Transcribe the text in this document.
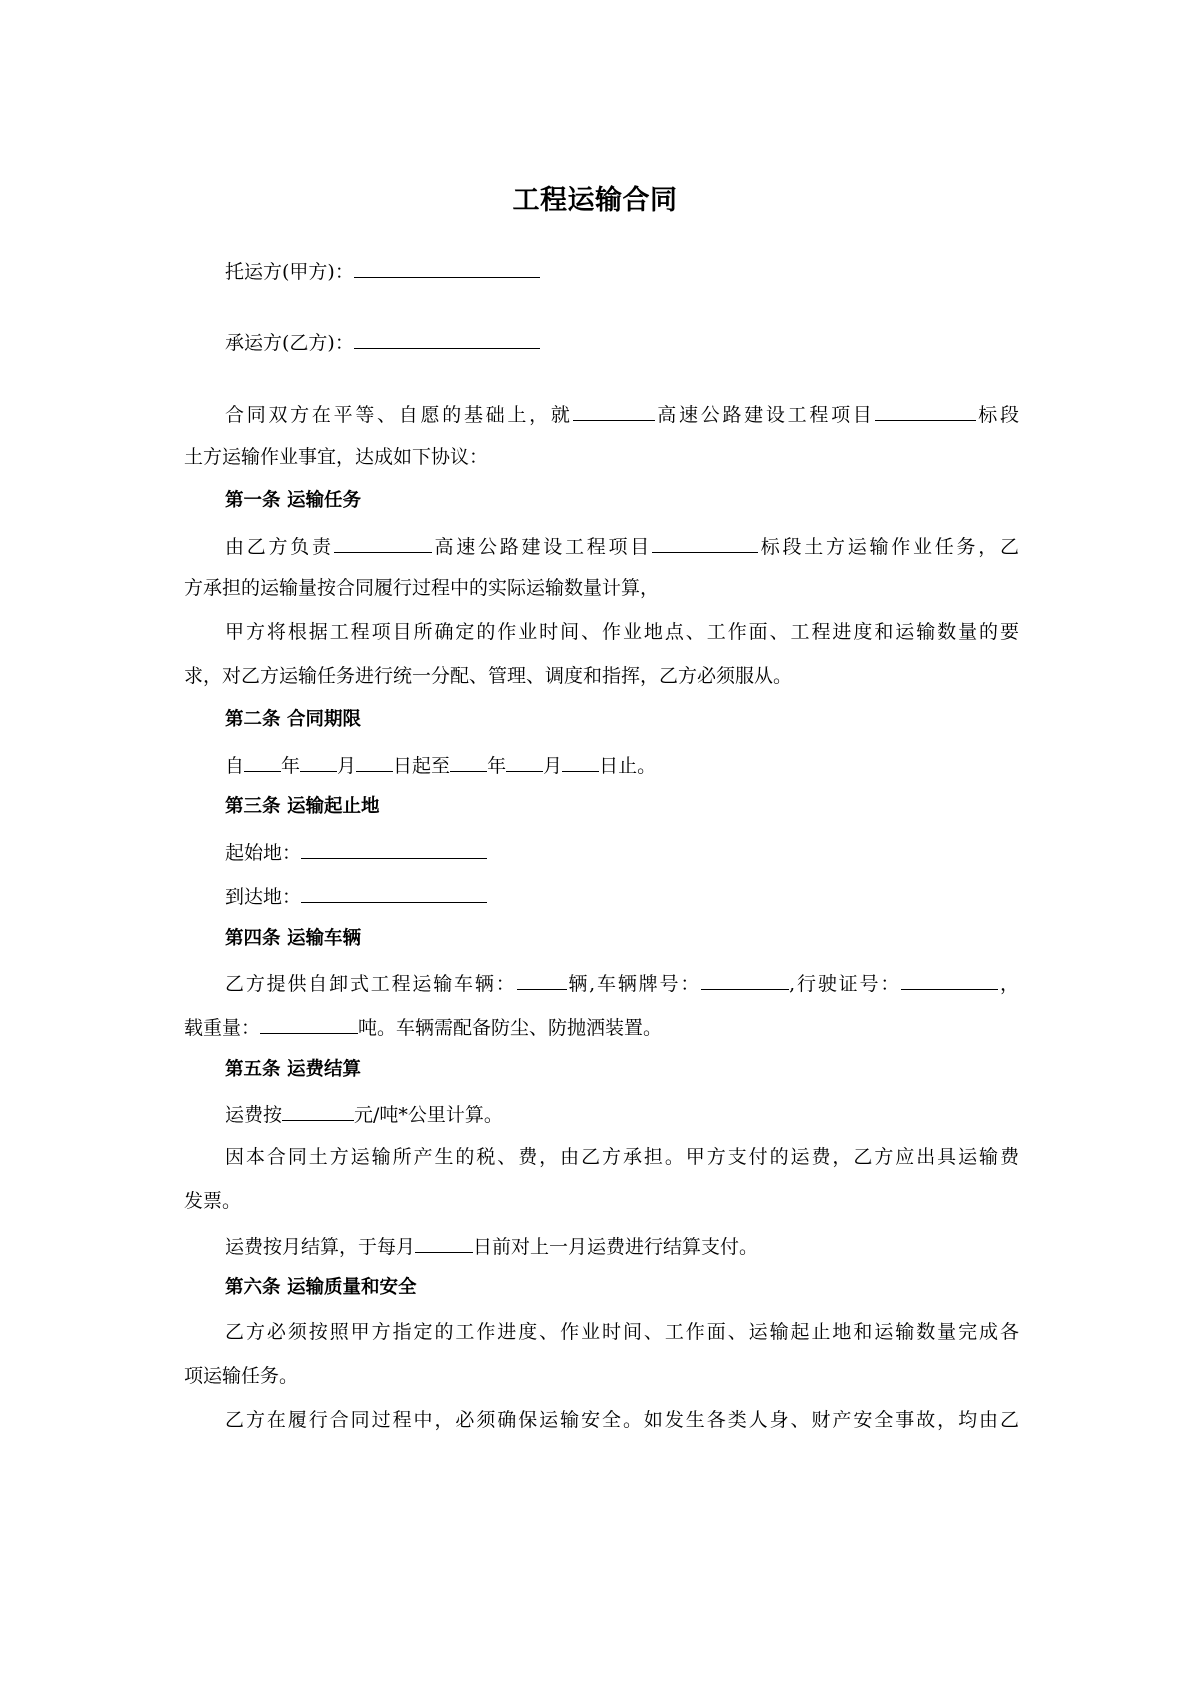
工程运输合同
托运方(甲方)：
承运方(乙方)：
合同双方在平等、自愿的基础上，就	高速公路建设工程项目	标段
土方运输作业事宜，达成如下协议：
第一条 运输任务
由乙方负责	高速公路建设工程项目	标段土方运输作业任务，乙
方承担的运输量按合同履行过程中的实际运输数量计算，
甲方将根据工程项目所确定的作业时间、作业地点、工作面、工程进度和运输数量的要
求，对乙方运输任务进行统一分配、管理、调度和指挥，乙方必须服从。
第二条 合同期限
自 年 月 日起至 年 月 日止。
第三条 运输起止地
起始地：
到达地：
第四条 运输车辆
乙方提供自卸式工程运输车辆：	辆,车辆牌号：	,行驶证号：	，
载重量：	吨。车辆需配备防尘、防抛洒装置。
第五条 运费结算
运费按	元/吨*公里计算。
因本合同土方运输所产生的税、费，由乙方承担。甲方支付的运费，乙方应出具运输费
发票。
运费按月结算，于每月	日前对上一月运费进行结算支付。
第六条 运输质量和安全
乙方必须按照甲方指定的工作进度、作业时间、工作面、运输起止地和运输数量完成各
项运输任务。
乙方在履行合同过程中，必须确保运输安全。如发生各类人身、财产安全事故，均由乙
